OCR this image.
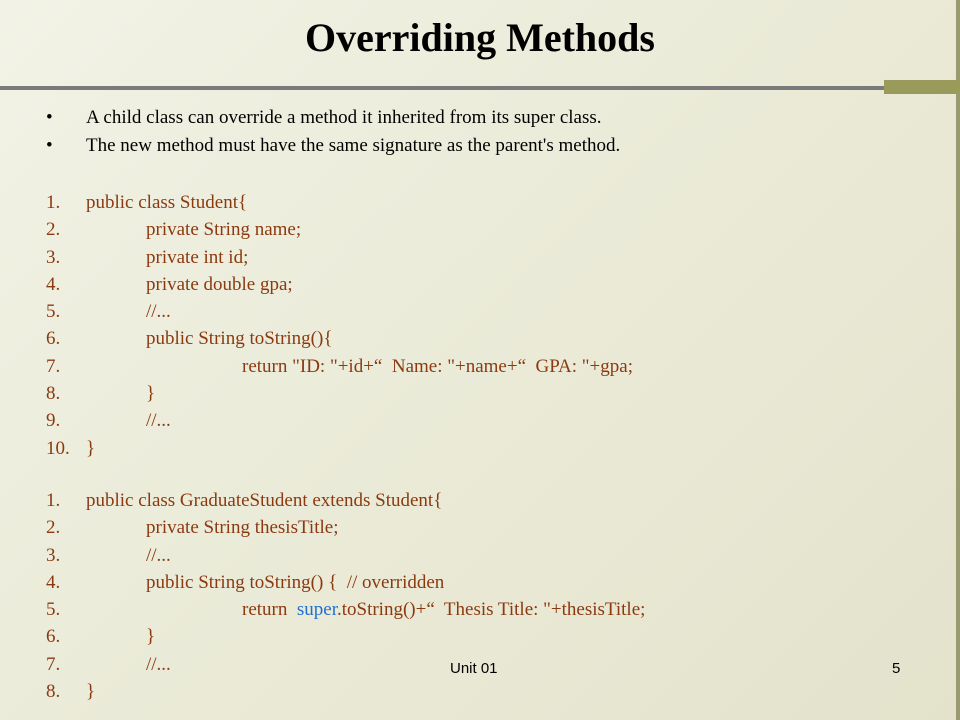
Overriding Methods
•	A child class can override a method it inherited from its super class.
•	The new method must have the same signature as the parent's method.
1. public class Student{
2.	private String name;
3.	private int id;
4.	private double gpa;
5.	//...
6.	public String toString(){
7.	return "ID: "+id+“  Name: "+name+“  GPA: "+gpa;
8.	}
9.	//...
10. }
1. public class GraduateStudent extends Student{
2.	private String thesisTitle;
3.	//...
4.	public String toString() {  // overridden
5.	return  super.toString()+“  Thesis Title: "+thesisTitle;
6.	}
7.	//...
8. }
Unit 01	5
